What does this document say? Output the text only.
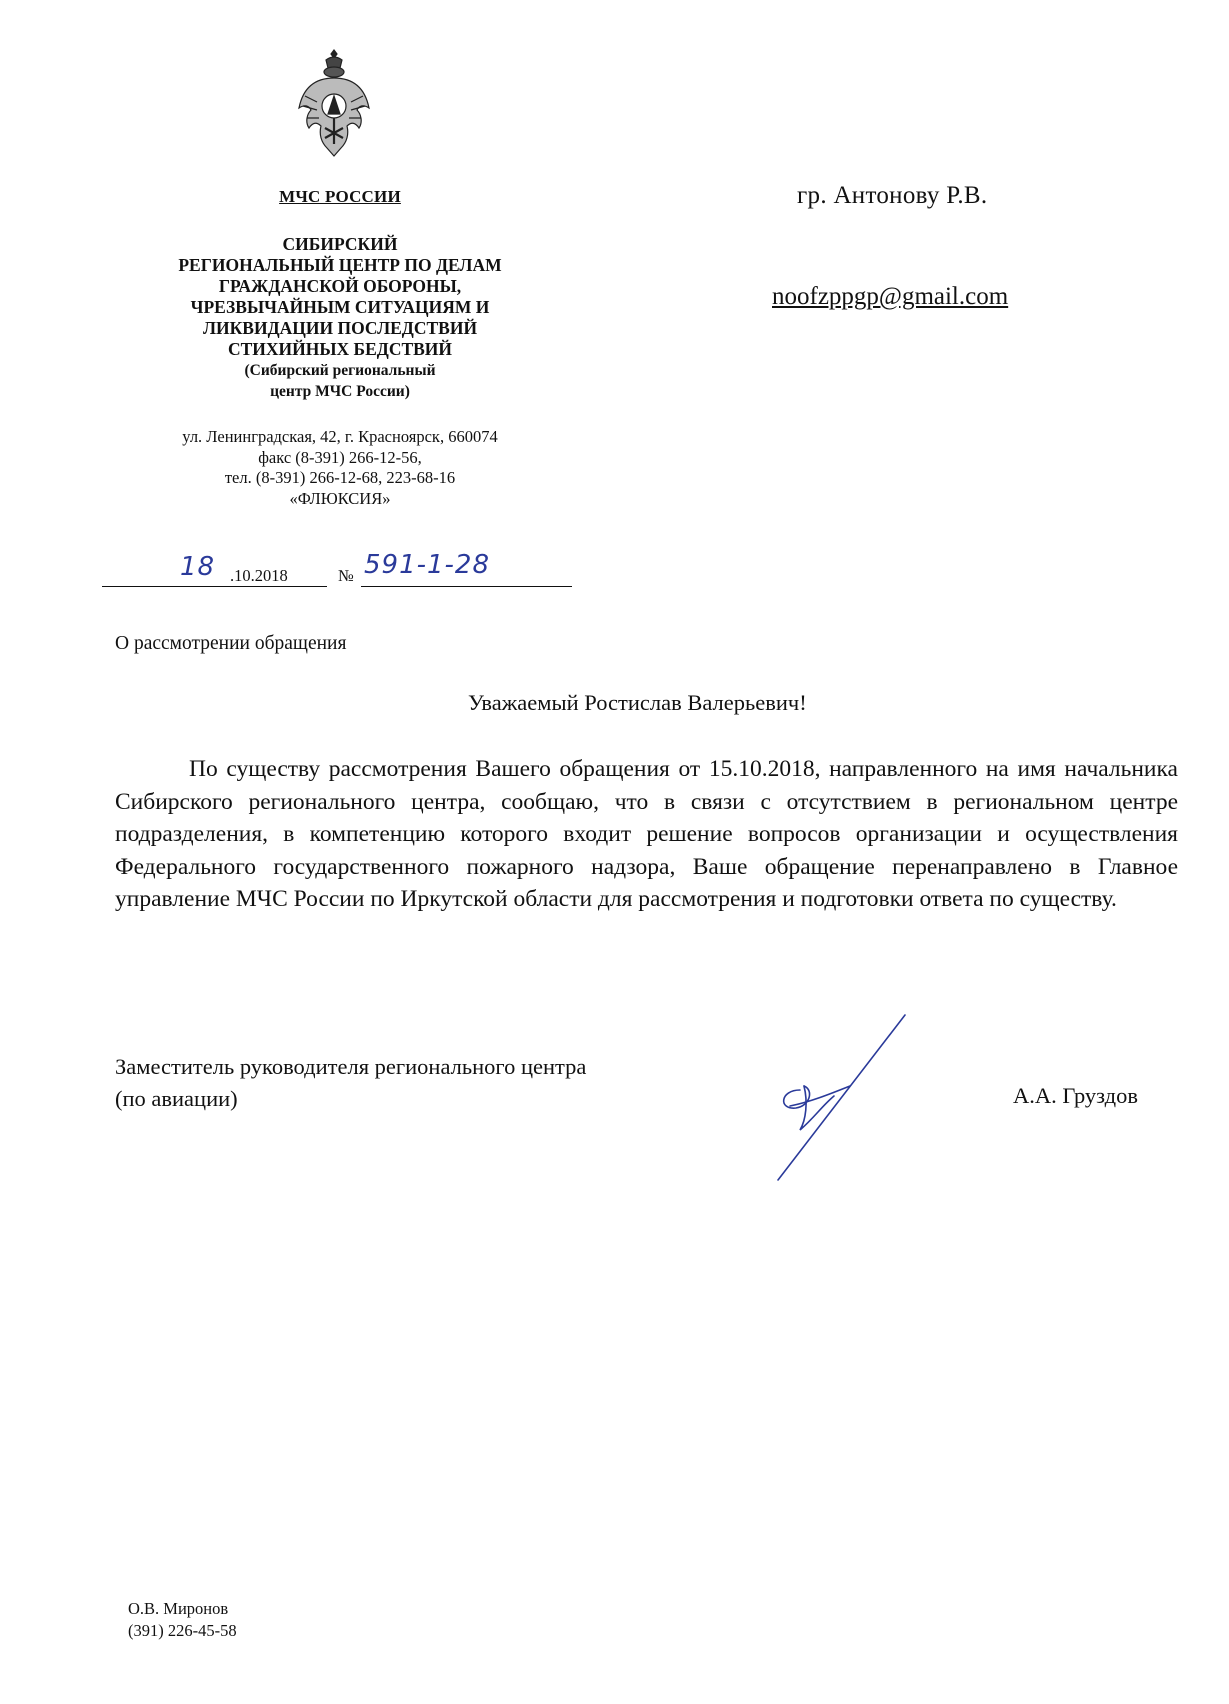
МЧС РОССИИ

СИБИРСКИЙ
РЕГИОНАЛЬНЫЙ ЦЕНТР ПО ДЕЛАМ
ГРАЖДАНСКОЙ ОБОРОНЫ,
ЧРЕЗВЫЧАЙНЫМ СИТУАЦИЯМ И
ЛИКВИДАЦИИ ПОСЛЕДСТВИЙ
СТИХИЙНЫХ БЕДСТВИЙ
(Сибирский региональный
центр МЧС России)
ул. Ленинградская, 42, г. Красноярск, 660074
факс (8-391) 266-12-56,
тел. (8-391) 266-12-68, 223-68-16
«ФЛЮКСИЯ»
18 .10.2018	№ 591-1-28
гр. Антонову Р.В.
noofzppgp@gmail.com
О рассмотрении обращения
Уважаемый Ростислав Валерьевич!

По существу рассмотрения Вашего обращения от 15.10.2018, направленного на имя начальника Сибирского регионального центра, сообщаю, что в связи с отсутствием в региональном центре подразделения, в компетенцию которого входит решение вопросов организации и осуществления Федерального государственного пожарного надзора, Ваше обращение перенаправлено в Главное управление МЧС России по Иркутской области для рассмотрения и подготовки ответа по существу.

Заместитель руководителя регионального центра
(по авиации)	А.А. Груздов
О.В. Миронов
(391) 226-45-58
